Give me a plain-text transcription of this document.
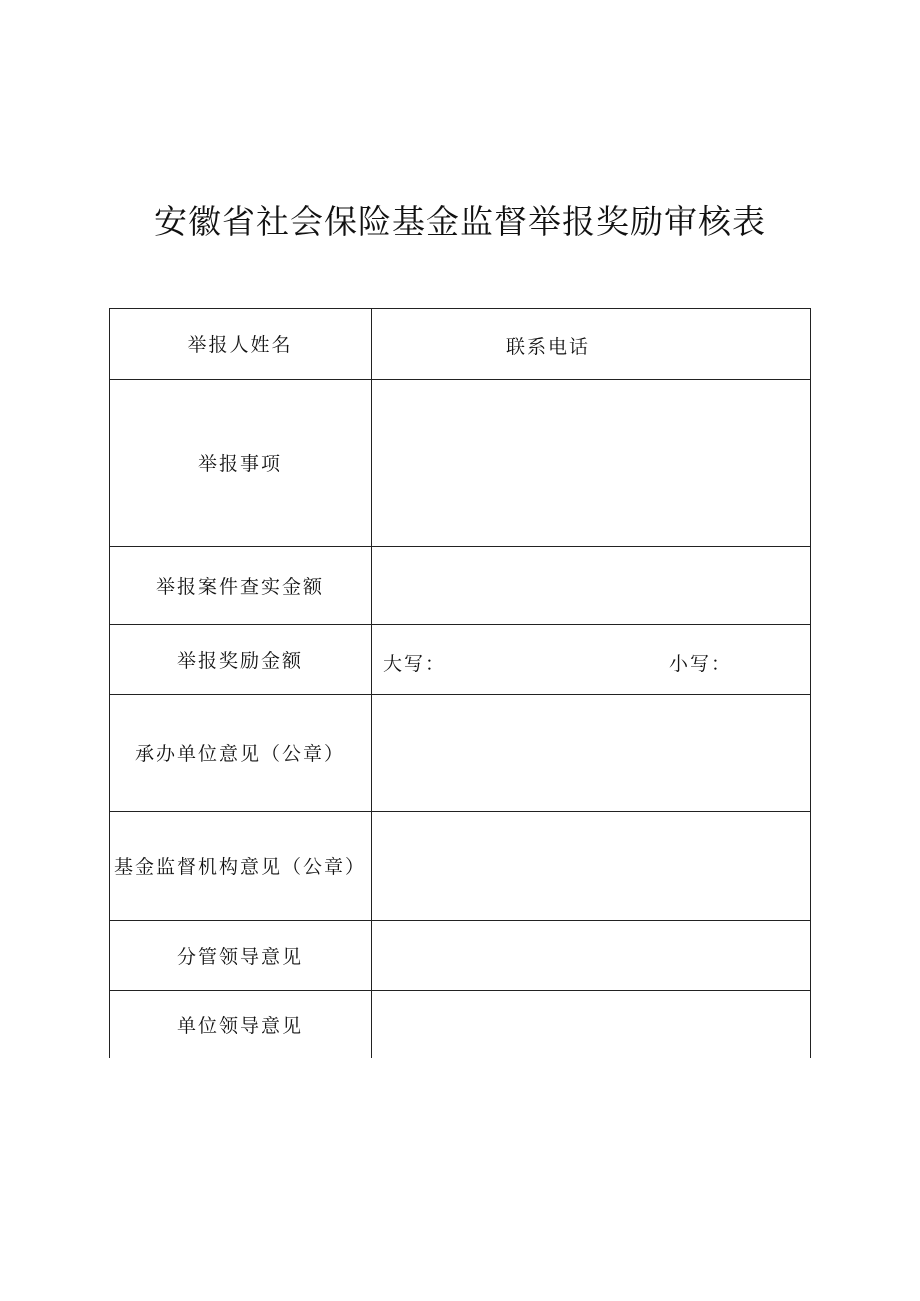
安徽省社会保险基金监督举报奖励审核表
举报人姓名	联系电话
举报事项
举报案件查实金额
举报奖励金额	大写：	小写：
承办单位意见（公章）
基金监督机构意见（公章）
分管领导意见
单位领导意见
